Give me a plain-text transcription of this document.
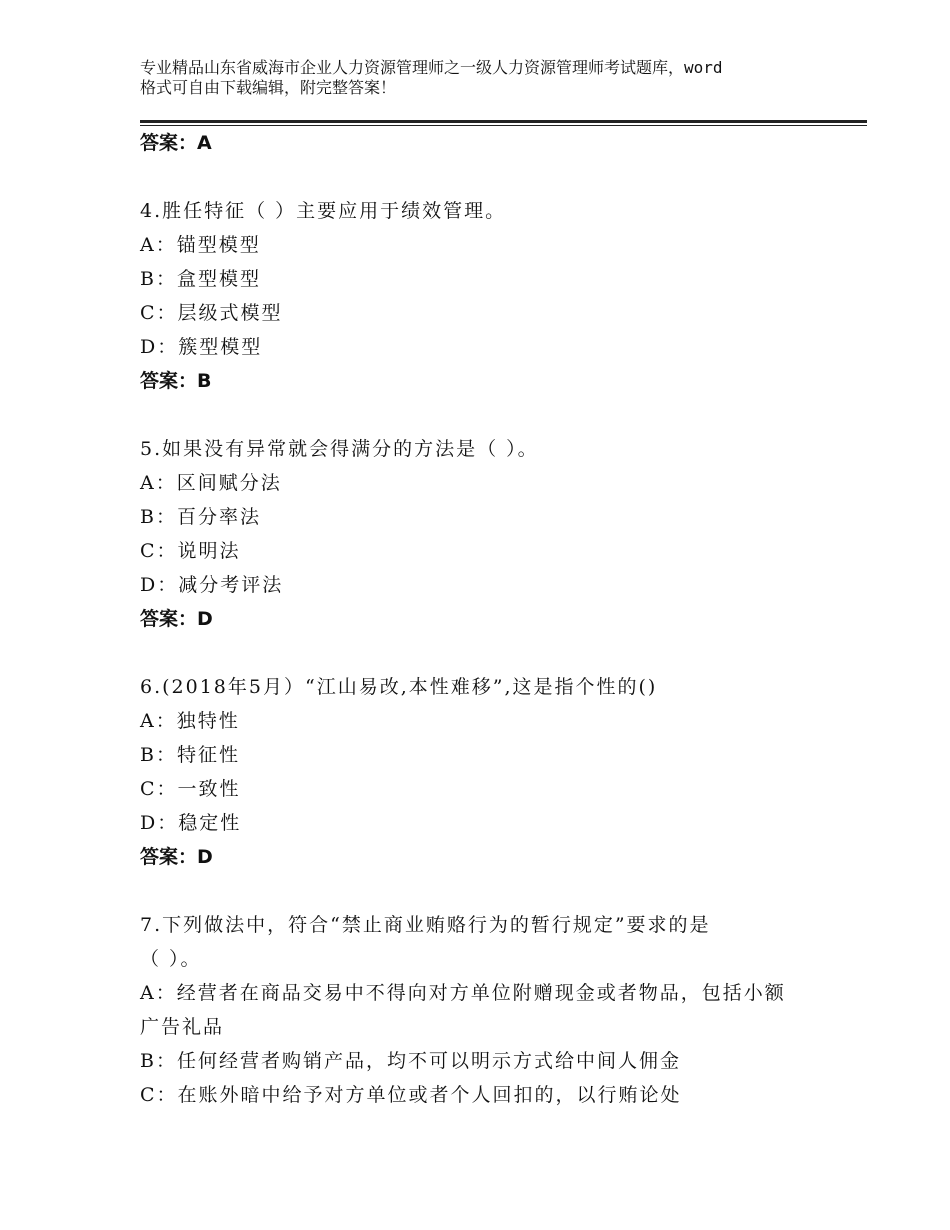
专业精品山东省威海市企业人力资源管理师之一级人力资源管理师考试题库，word
格式可自由下载编辑，附完整答案！
答案：A
4.胜任特征（ ）主要应用于绩效管理。
A：锚型模型
B：盒型模型
C：层级式模型
D：簇型模型
答案：B
5.如果没有异常就会得满分的方法是（ ）。
A：区间赋分法
B：百分率法
C：说明法
D：减分考评法
答案：D
6.(2018年5月）“江山易改,本性难移”,这是指个性的()
A：独特性
B：特征性
C：一致性
D：稳定性
答案：D
7.下列做法中，符合“禁止商业贿赂行为的暂行规定”要求的是
（ ）。
A：经营者在商品交易中不得向对方单位附赠现金或者物品，包括小额
广告礼品
B：任何经营者购销产品，均不可以明示方式给中间人佣金
C：在账外暗中给予对方单位或者个人回扣的，以行贿论处
